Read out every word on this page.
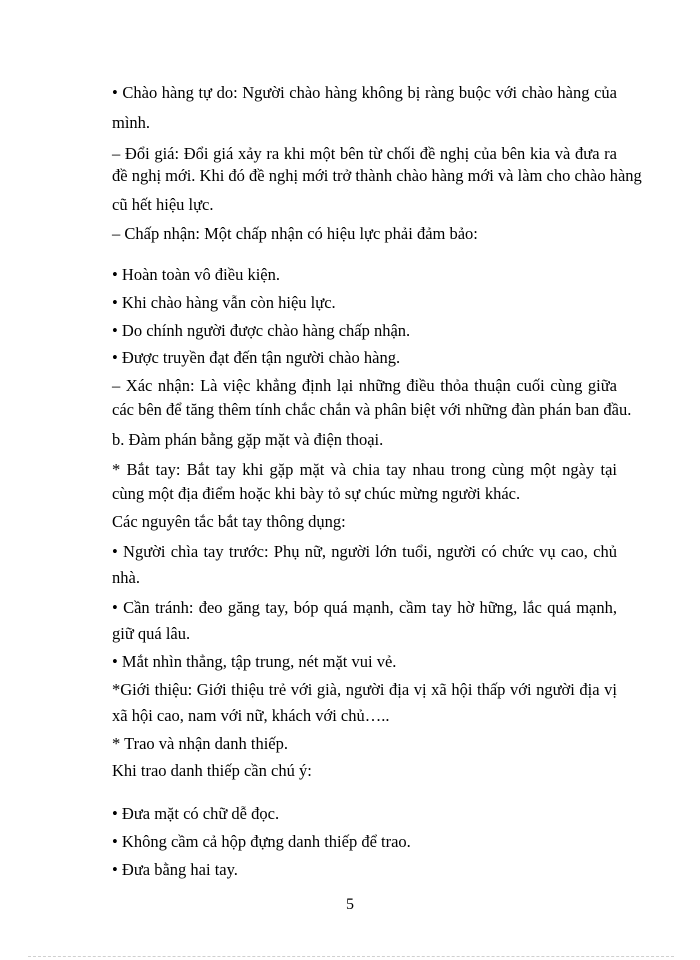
• Chào hàng tự do: Người chào hàng không bị ràng buộc với chào hàng của
mình.
– Đổi giá: Đổi giá xảy ra khi một bên từ chối đề nghị của bên kia và đưa ra
đề nghị mới. Khi đó đề nghị mới trở thành chào hàng mới và làm cho chào hàng
cũ hết hiệu lực.
– Chấp nhận: Một chấp nhận có hiệu lực phải đảm bảo:
• Hoàn toàn vô điều kiện.
• Khi chào hàng vẫn còn hiệu lực.
• Do chính người được chào hàng chấp nhận.
• Được truyền đạt đến tận người chào hàng.
– Xác nhận: Là việc khẳng định lại những điều thỏa thuận cuối cùng giữa
các bên để tăng thêm tính chắc chắn và phân biệt với những đàn phán ban đầu.
b. Đàm phán bằng gặp mặt và điện thoại.
* Bắt tay: Bắt tay khi gặp mặt và chia tay nhau trong cùng một ngày tại
cùng một địa điểm hoặc khi bày tỏ sự chúc mừng người khác.
Các nguyên tắc bắt tay thông dụng:
• Người chìa tay trước: Phụ nữ, người lớn tuổi, người có chức vụ cao, chủ
nhà.
• Cần tránh: đeo găng tay, bóp quá mạnh, cầm tay hờ hững, lắc quá mạnh,
giữ quá lâu.
• Mắt nhìn thẳng, tập trung, nét mặt vui vẻ.
*Giới thiệu: Giới thiệu trẻ với già, người địa vị xã hội thấp với người địa vị
xã hội cao, nam với nữ, khách với chủ…..
* Trao và nhận danh thiếp.
Khi trao danh thiếp cần chú ý:
• Đưa mặt có chữ dễ đọc.
• Không cầm cả hộp đựng danh thiếp để trao.
• Đưa bằng hai tay.
5
